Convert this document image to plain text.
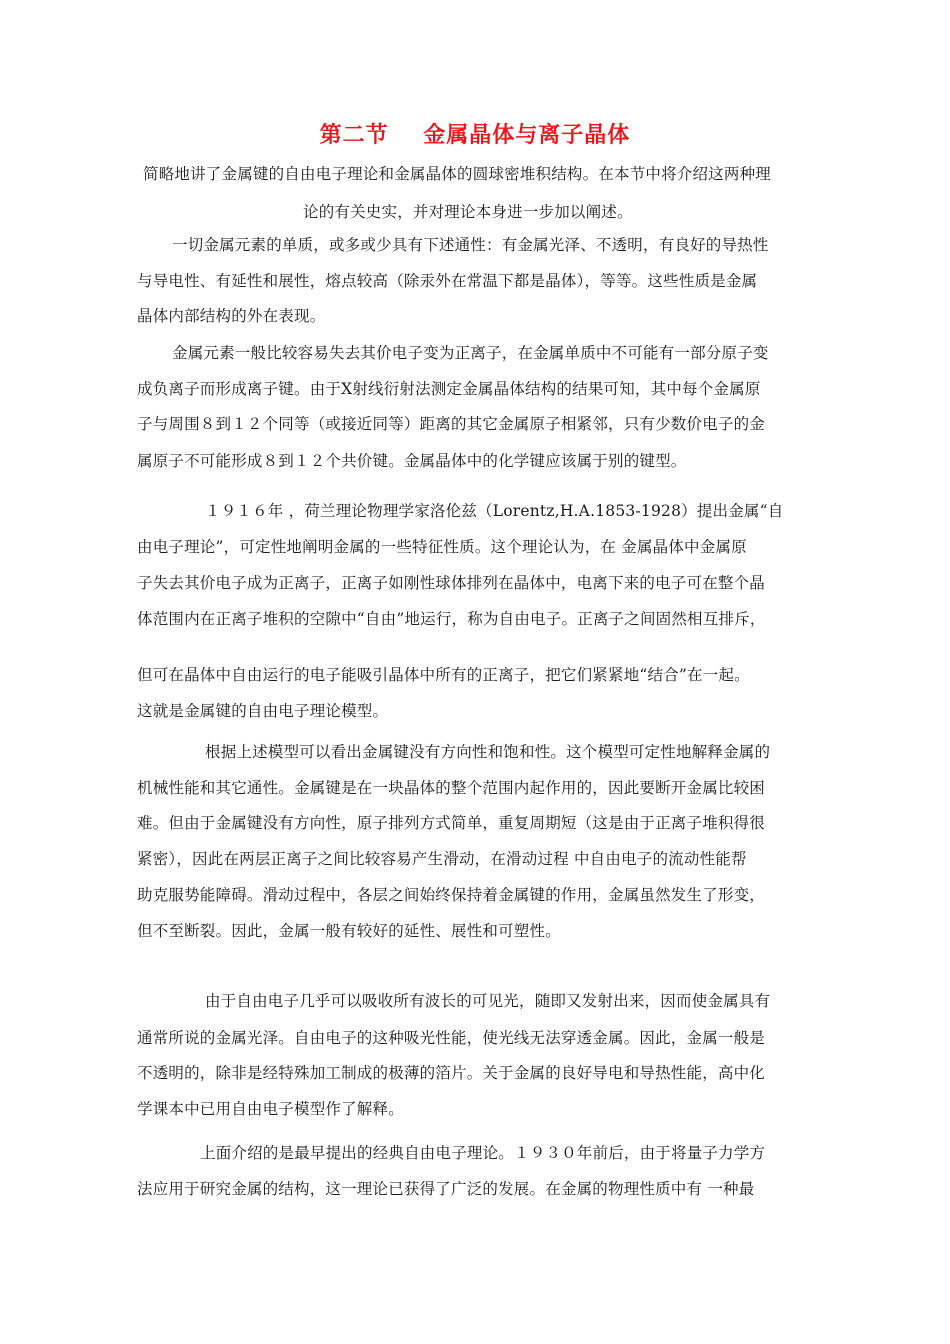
第二节    金属晶体与离子晶体
简略地讲了金属键的自由电子理论和金属晶体的圆球密堆积结构。在本节中将介绍这两种理
论的有关史实，并对理论本身进一步加以阐述。
一切金属元素的单质，或多或少具有下述通性：有金属光泽、不透明，有良好的导热性
与导电性、有延性和展性，熔点较高（除汞外在常温下都是晶体），等等。这些性质是金属
晶体内部结构的外在表现。
金属元素一般比较容易失去其价电子变为正离子，在金属单质中不可能有一部分原子变
成负离子而形成离子键。由于X射线衍射法测定金属晶体结构的结果可知，其中每个金属原
子与周围８到１２个同等（或接近同等）距离的其它金属原子相紧邻，只有少数价电子的金
属原子不可能形成８到１２个共价键。金属晶体中的化学键应该属于别的键型。
１９１６年 ，荷兰理论物理学家洛伦兹（Lorentz,H.A.1853-1928）提出金属“自
由电子理论”，可定性地阐明金属的一些特征性质。这个理论认为，在 金属晶体中金属原
子失去其价电子成为正离子，正离子如刚性球体排列在晶体中，电离下来的电子可在整个晶
体范围内在正离子堆积的空隙中“自由”地运行，称为自由电子。正离子之间固然相互排斥，
但可在晶体中自由运行的电子能吸引晶体中所有的正离子，把它们紧紧地“结合”在一起。
这就是金属键的自由电子理论模型。
根据上述模型可以看出金属键没有方向性和饱和性。这个模型可定性地解释金属的
机械性能和其它通性。金属键是在一块晶体的整个范围内起作用的，因此要断开金属比较困
难。但由于金属键没有方向性，原子排列方式简单，重复周期短（这是由于正离子堆积得很
紧密），因此在两层正离子之间比较容易产生滑动，在滑动过程 中自由电子的流动性能帮
助克服势能障碍。滑动过程中，各层之间始终保持着金属键的作用，金属虽然发生了形变，
但不至断裂。因此，金属一般有较好的延性、展性和可塑性。
由于自由电子几乎可以吸收所有波长的可见光，随即又发射出来，因而使金属具有
通常所说的金属光泽。自由电子的这种吸光性能，使光线无法穿透金属。因此，金属一般是
不透明的，除非是经特殊加工制成的极薄的箔片。关于金属的良好导电和导热性能，高中化
学课本中已用自由电子模型作了解释。
上面介绍的是最早提出的经典自由电子理论。１９３０年前后，由于将量子力学方
法应用于研究金属的结构，这一理论已获得了广泛的发展。在金属的物理性质中有 一种最
